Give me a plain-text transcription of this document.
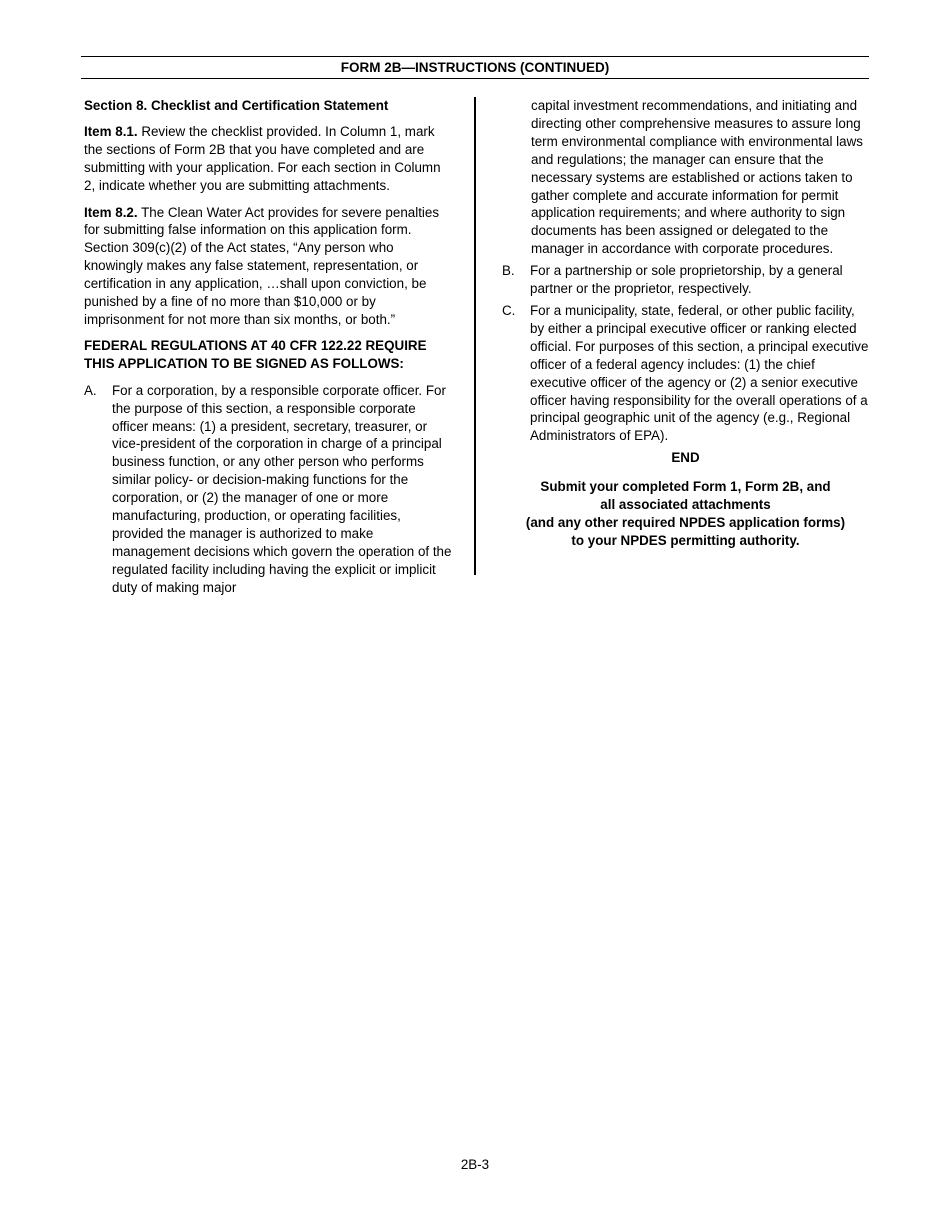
FORM 2B—INSTRUCTIONS (CONTINUED)

Section 8. Checklist and Certification Statement

Item 8.1. Review the checklist provided. In Column 1, mark the sections of Form 2B that you have completed and are submitting with your application. For each section in Column 2, indicate whether you are submitting attachments.

Item 8.2. The Clean Water Act provides for severe penalties for submitting false information on this application form. Section 309(c)(2) of the Act states, “Any person who knowingly makes any false statement, representation, or certification in any application, …shall upon conviction, be punished by a fine of no more than $10,000 or by imprisonment for not more than six months, or both.”

FEDERAL REGULATIONS AT 40 CFR 122.22 REQUIRE THIS APPLICATION TO BE SIGNED AS FOLLOWS:

A.	For a corporation, by a responsible corporate officer. For the purpose of this section, a responsible corporate officer means: (1) a president, secretary, treasurer, or vice-president of the corporation in charge of a principal business function, or any other person who performs similar policy- or decision-making functions for the corporation, or (2) the manager of one or more manufacturing, production, or operating facilities, provided the manager is authorized to make management decisions which govern the operation of the regulated facility including having the explicit or implicit duty of making major
capital investment recommendations, and initiating and directing other comprehensive measures to assure long term environmental compliance with environmental laws and regulations; the manager can ensure that the necessary systems are established or actions taken to gather complete and accurate information for permit application requirements; and where authority to sign documents has been assigned or delegated to the manager in accordance with corporate procedures.
B.	For a partnership or sole proprietorship, by a general partner or the proprietor, respectively.
C.	For a municipality, state, federal, or other public facility, by either a principal executive officer or ranking elected official. For purposes of this section, a principal executive officer of a federal agency includes: (1) the chief executive officer of the agency or (2) a senior executive officer having responsibility for the overall operations of a principal geographic unit of the agency (e.g., Regional Administrators of EPA).
END

Submit your completed Form 1, Form 2B, and

all associated attachments

(and any other required NPDES application forms)

to your NPDES permitting authority.

2B-3
